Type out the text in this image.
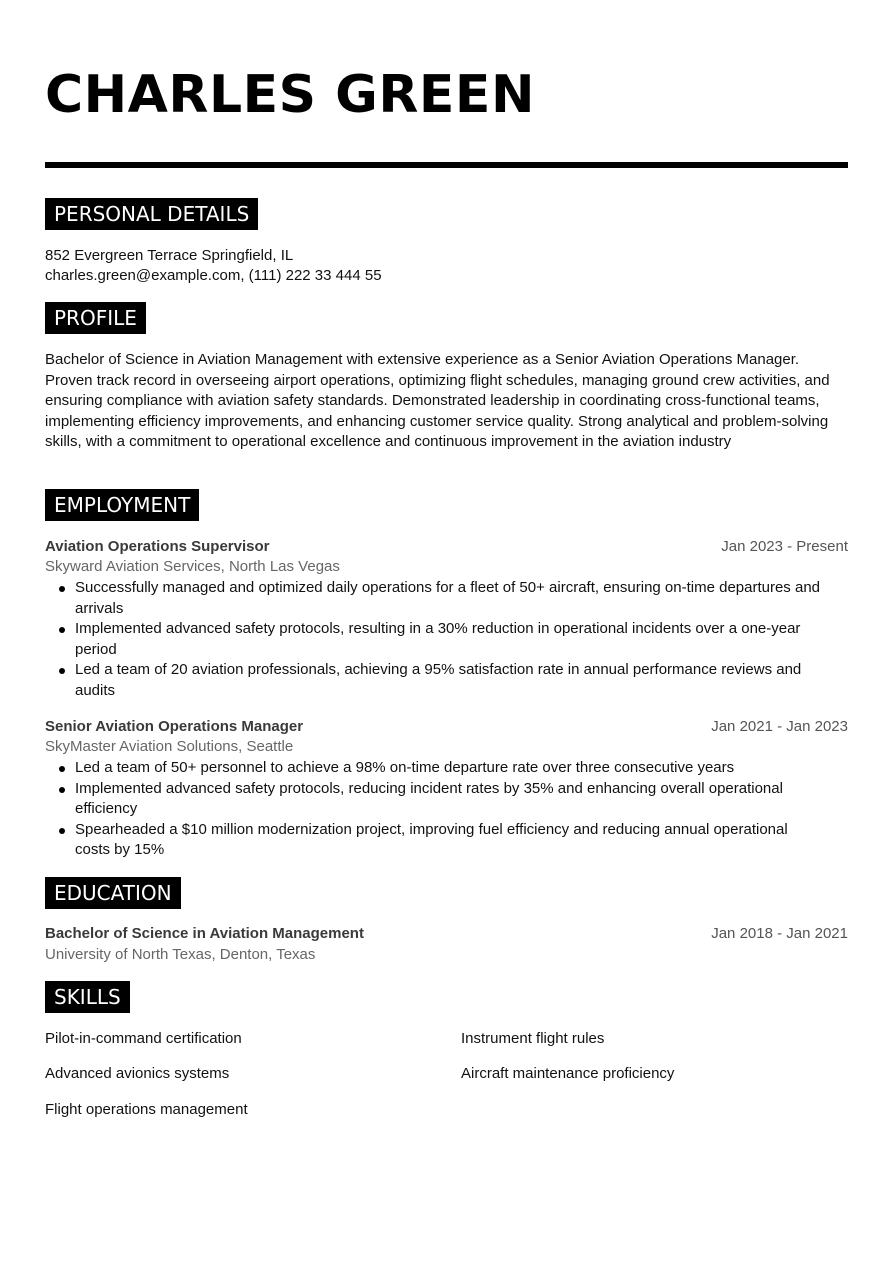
CHARLES GREEN
PERSONAL DETAILS
852 Evergreen Terrace Springfield, IL
charles.green@example.com, (111) 222 33 444 55
PROFILE
Bachelor of Science in Aviation Management with extensive experience as a Senior Aviation Operations Manager. Proven track record in overseeing airport operations, optimizing flight schedules, managing ground crew activities, and ensuring compliance with aviation safety standards. Demonstrated leadership in coordinating cross-functional teams, implementing efficiency improvements, and enhancing customer service quality. Strong analytical and problem-solving skills, with a commitment to operational excellence and continuous improvement in the aviation industry
EMPLOYMENT
Aviation Operations Supervisor	Jan 2023 - Present
Skyward Aviation Services, North Las Vegas
Successfully managed and optimized daily operations for a fleet of 50+ aircraft, ensuring on-time departures and arrivals
Implemented advanced safety protocols, resulting in a 30% reduction in operational incidents over a one-year period
Led a team of 20 aviation professionals, achieving a 95% satisfaction rate in annual performance reviews and audits
Senior Aviation Operations Manager	Jan 2021 - Jan 2023
SkyMaster Aviation Solutions, Seattle
Led a team of 50+ personnel to achieve a 98% on-time departure rate over three consecutive years
Implemented advanced safety protocols, reducing incident rates by 35% and enhancing overall operational efficiency
Spearheaded a $10 million modernization project, improving fuel efficiency and reducing annual operational costs by 15%
EDUCATION
Bachelor of Science in Aviation Management	Jan 2018 - Jan 2021
University of North Texas, Denton, Texas
SKILLS
Pilot-in-command certification	Instrument flight rules
Advanced avionics systems	Aircraft maintenance proficiency
Flight operations management
